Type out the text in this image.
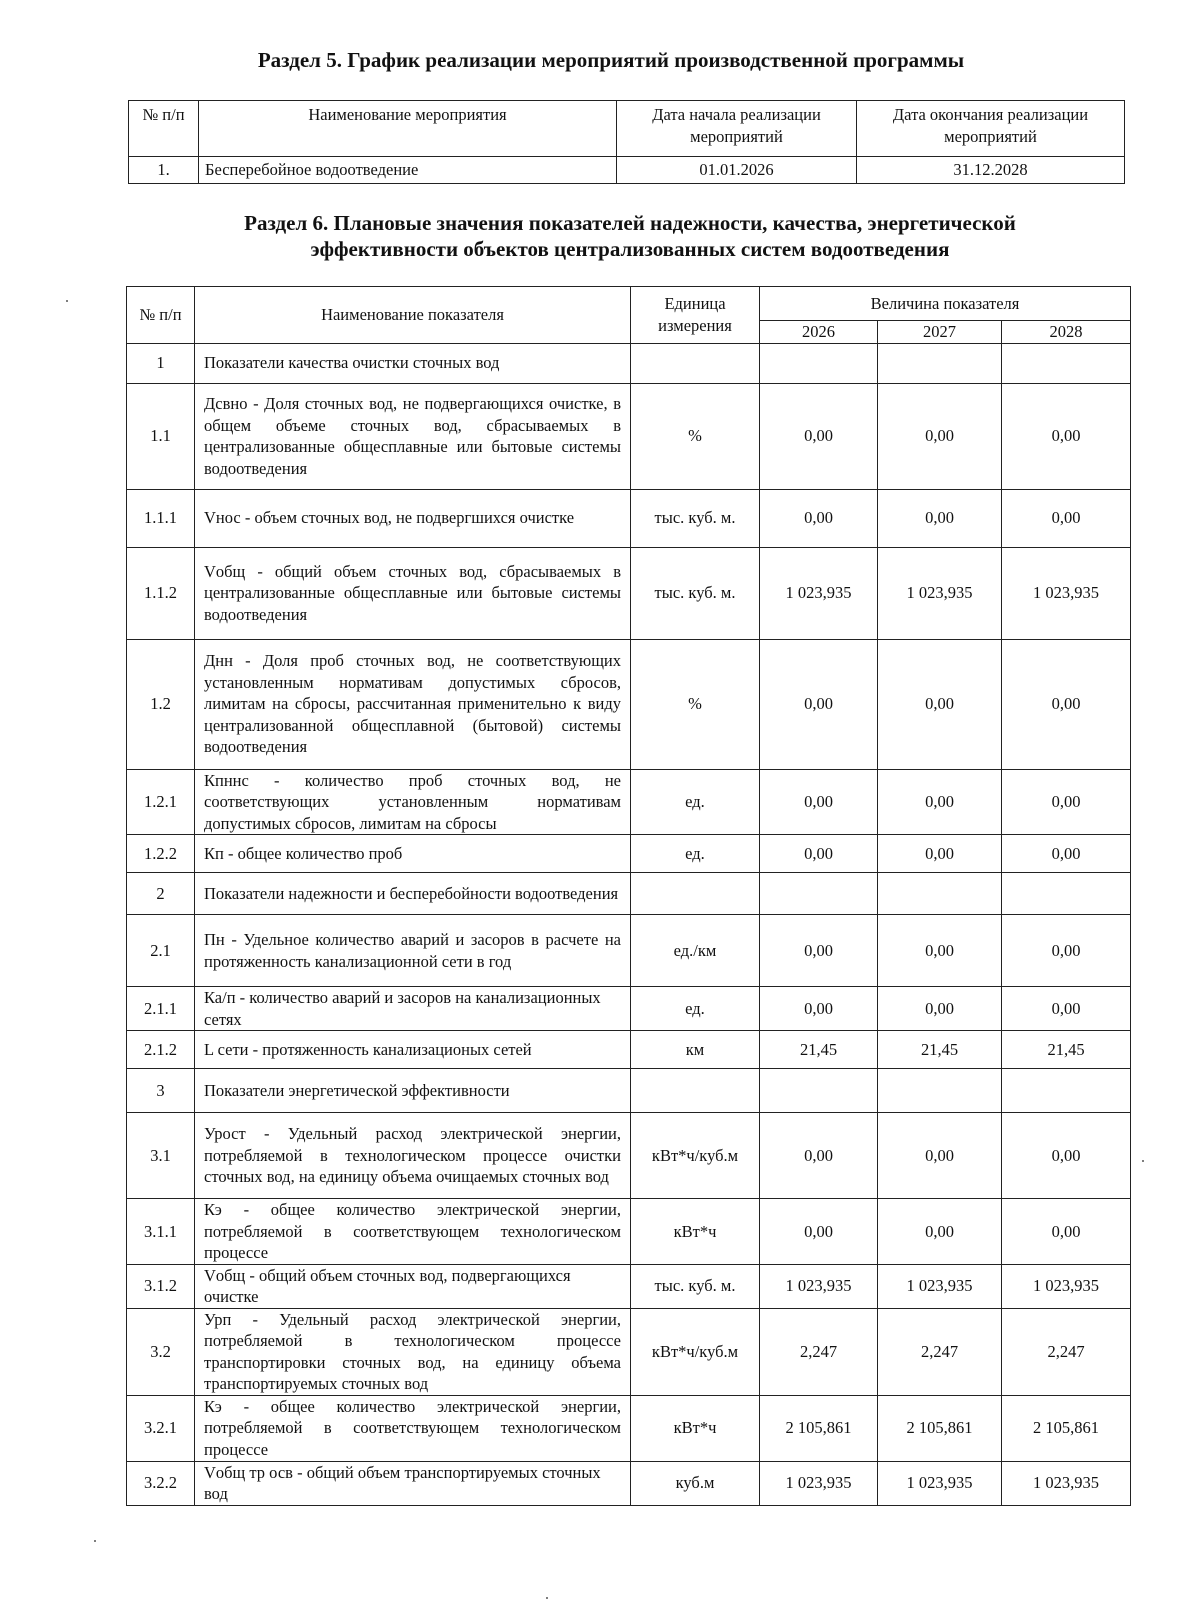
Раздел 5. График реализации мероприятий производственной программы
№ п/п	Наименование мероприятия	Дата начала реализации мероприятий	Дата окончания реализации мероприятий
1.	Бесперебойное водоотведение	01.01.2026	31.12.2028
Раздел 6. Плановые значения показателей надежности, качества, энергетической
эффективности объектов централизованных систем водоотведения
№ п/п	Наименование показателя	Единица измерения	Величина показателя		
			2026	2027	2028
1	Показатели качества очистки сточных вод				
1.1	Дсвно - Доля сточных вод, не подвергающихся очистке, в общем объеме сточных вод, сбрасываемых в централизованные общесплавные или бытовые системы водоотведения	%	0,00	0,00	0,00
1.1.1	Vнос - объем сточных вод, не подвергшихся очистке	тыс. куб. м.	0,00	0,00	0,00
1.1.2	Vобщ - общий объем сточных вод, сбрасываемых в централизованные общесплавные или бытовые системы водоотведения	тыс. куб. м.	1 023,935	1 023,935	1 023,935
1.2	Днн - Доля проб сточных вод, не соответствующих установленным нормативам допустимых сбросов, лимитам на сбросы, рассчитанная применительно к виду централизованной общесплавной (бытовой) системы водоотведения	%	0,00	0,00	0,00
1.2.1	Кпннс - количество проб сточных вод, не соответствующих установленным нормативам допустимых сбросов, лимитам на сбросы	ед.	0,00	0,00	0,00
1.2.2	Кп - общее количество проб	ед.	0,00	0,00	0,00
2	Показатели надежности и бесперебойности водоотведения				
2.1	Пн - Удельное количество аварий и засоров в расчете на протяженность канализационной сети в год	ед./км	0,00	0,00	0,00
2.1.1	Ка/п - количество аварий и засоров на канализационных сетях	ед.	0,00	0,00	0,00
2.1.2	L сети - протяженность канализационых сетей	км	21,45	21,45	21,45
3	Показатели энергетической эффективности				
3.1	Урост - Удельный расход электрической энергии, потребляемой в технологическом процессе очистки сточных вод, на единицу объема очищаемых сточных вод	кВт*ч/куб.м	0,00	0,00	0,00
3.1.1	Кэ - общее количество электрической энергии, потребляемой в соответствующем технологическом процессе	кВт*ч	0,00	0,00	0,00
3.1.2	Vобщ - общий объем сточных вод, подвергающихся очистке	тыс. куб. м.	1 023,935	1 023,935	1 023,935
3.2	Урп - Удельный расход электрической энергии, потребляемой в технологическом процессе транспортировки сточных вод, на единицу объема транспортируемых сточных вод	кВт*ч/куб.м	2,247	2,247	2,247
3.2.1	Кэ - общее количество электрической энергии, потребляемой в соответствующем технологическом процессе	кВт*ч	2 105,861	2 105,861	2 105,861
3.2.2	Vобщ тр осв - общий объем транспортируемых сточных вод	куб.м	1 023,935	1 023,935	1 023,935
